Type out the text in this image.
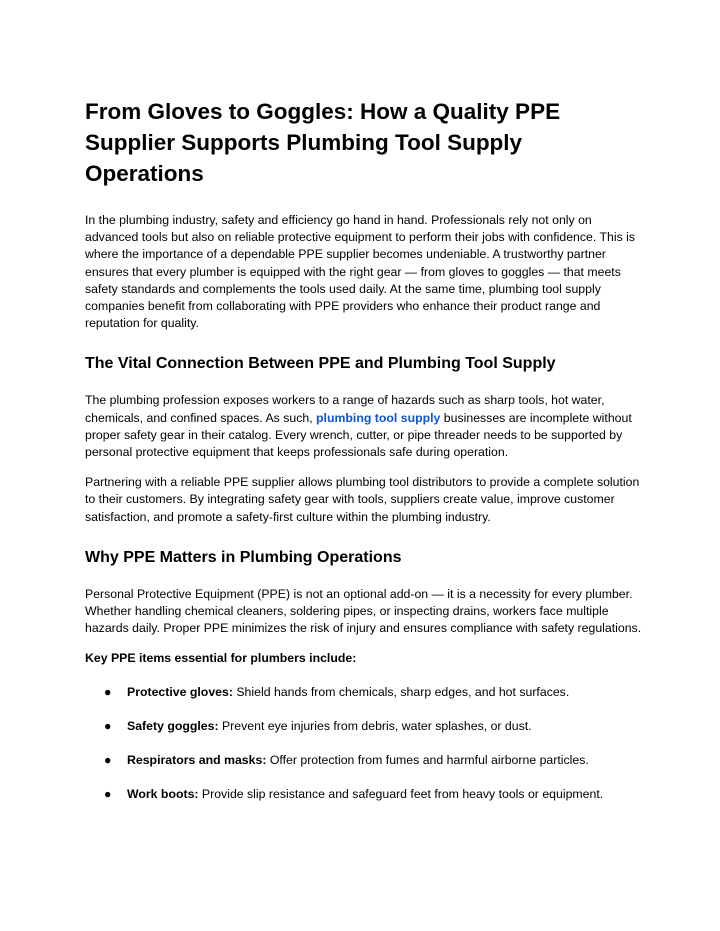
From Gloves to Goggles: How a Quality PPE Supplier Supports Plumbing Tool Supply Operations

In the plumbing industry, safety and efficiency go hand in hand. Professionals rely not only on advanced tools but also on reliable protective equipment to perform their jobs with confidence. This is where the importance of a dependable PPE supplier becomes undeniable. A trustworthy partner ensures that every plumber is equipped with the right gear — from gloves to goggles — that meets safety standards and complements the tools used daily. At the same time, plumbing tool supply companies benefit from collaborating with PPE providers who enhance their product range and reputation for quality.

The Vital Connection Between PPE and Plumbing Tool Supply

The plumbing profession exposes workers to a range of hazards such as sharp tools, hot water, chemicals, and confined spaces. As such, plumbing tool supply businesses are incomplete without proper safety gear in their catalog. Every wrench, cutter, or pipe threader needs to be supported by personal protective equipment that keeps professionals safe during operation.

Partnering with a reliable PPE supplier allows plumbing tool distributors to provide a complete solution to their customers. By integrating safety gear with tools, suppliers create value, improve customer satisfaction, and promote a safety-first culture within the plumbing industry.

Why PPE Matters in Plumbing Operations

Personal Protective Equipment (PPE) is not an optional add-on — it is a necessity for every plumber. Whether handling chemical cleaners, soldering pipes, or inspecting drains, workers face multiple hazards daily. Proper PPE minimizes the risk of injury and ensures compliance with safety regulations.

Key PPE items essential for plumbers include:

● Protective gloves: Shield hands from chemicals, sharp edges, and hot surfaces.
● Safety goggles: Prevent eye injuries from debris, water splashes, or dust.
● Respirators and masks: Offer protection from fumes and harmful airborne particles.
● Work boots: Provide slip resistance and safeguard feet from heavy tools or equipment.
